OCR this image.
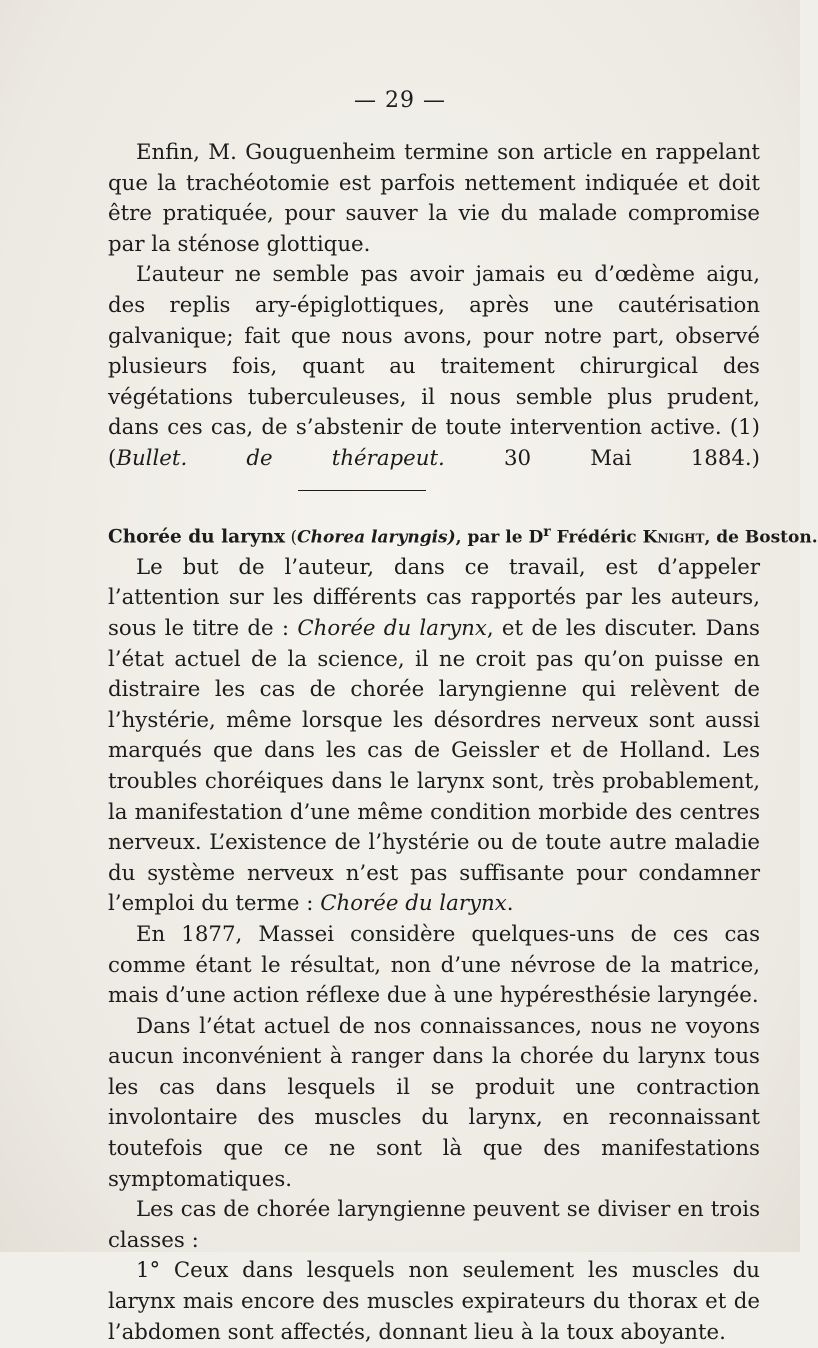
— 29 —

Enfin, M. Gouguenheim termine son article en rappelant que la trachéotomie est parfois nettement indiquée et doit être pratiquée, pour sauver la vie du malade compromise par la sténose glottique.

L’auteur ne semble pas avoir jamais eu d’œdème aigu, des replis ary-épiglottiques, après une cautérisation galvanique; fait que nous avons, pour notre part, observé plusieurs fois, quant au traitement chirurgical des végétations tuberculeuses, il nous semble plus prudent, dans ces cas, de s’abstenir de toute intervention active. (1) (Bullet. de thérapeut. 30 Mai 1884.)

Chorée du larynx (Chorea laryngis), par le $D^r$ Frédéric Knight, de Boston.

Le but de l’auteur, dans ce travail, est d’appeler l’attention sur les différents cas rapportés par les auteurs, sous le titre de : Chorée du larynx, et de les discuter. Dans l’état actuel de la science, il ne croit pas qu’on puisse en distraire les cas de chorée laryngienne qui relèvent de l’hystérie, même lorsque les désordres nerveux sont aussi marqués que dans les cas de Geissler et de Holland. Les troubles choréiques dans le larynx sont, très probablement, la manifestation d’une même condition morbide des centres nerveux. L’existence de l’hystérie ou de toute autre maladie du système nerveux n’est pas suffisante pour condamner l’emploi du terme : Chorée du larynx.

En 1877, Massei considère quelques-uns de ces cas comme étant le résultat, non d’une névrose de la matrice, mais d’une action réflexe due à une hypéresthésie laryngée.

Dans l’état actuel de nos connaissances, nous ne voyons aucun inconvénient à ranger dans la chorée du larynx tous les cas dans lesquels il se produit une contraction involontaire des muscles du larynx, en reconnaissant toutefois que ce ne sont là que des manifestations symptomatiques.

Les cas de chorée laryngienne peuvent se diviser en trois classes :

1° Ceux dans lesquels non seulement les muscles du larynx mais encore des muscles expirateurs du thorax et de l’abdomen sont affectés, donnant lieu à la toux aboyante.
